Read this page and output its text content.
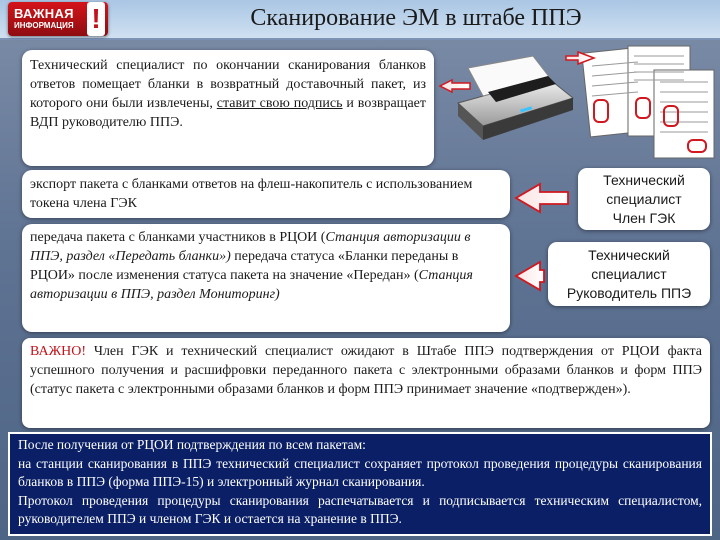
ВАЖНАЯ
ИНФОРМАЦИЯ !	Сканирование ЭМ в штабе ППЭ
Технический специалист по окончании сканирования бланков ответов помещает бланки в возвратный доставочный пакет, из которого они были извлечены, ставит свою подпись и возвращает ВДП руководителю ППЭ.
экспорт пакета с бланками ответов на флеш-накопитель с использованием токена члена ГЭК
передача пакета с бланками участников в РЦОИ (Станция авторизации в ППЭ, раздел «Передать бланки») передача статуса «Бланки переданы в РЦОИ» после изменения статуса пакета на значение «Передан» (Станция авторизации в ППЭ, раздел Мониторинг)
Технический
специалист
Член ГЭК
Технический
специалист
Руководитель ППЭ
ВАЖНО! Член ГЭК и технический специалист ожидают в Штабе ППЭ подтверждения от РЦОИ факта успешного получения и расшифровки переданного пакета с электронными образами бланков и форм ППЭ (статус пакета с электронными образами бланков и форм ППЭ принимает значение «подтвержден»).
После получения от РЦОИ подтверждения по всем пакетам:
на станции сканирования в ППЭ технический специалист сохраняет протокол проведения процедуры сканирования бланков в ППЭ (форма ППЭ-15) и электронный журнал сканирования.
Протокол проведения процедуры сканирования распечатывается и подписывается техническим специалистом, руководителем ППЭ и членом ГЭК и остается на хранение в ППЭ.
